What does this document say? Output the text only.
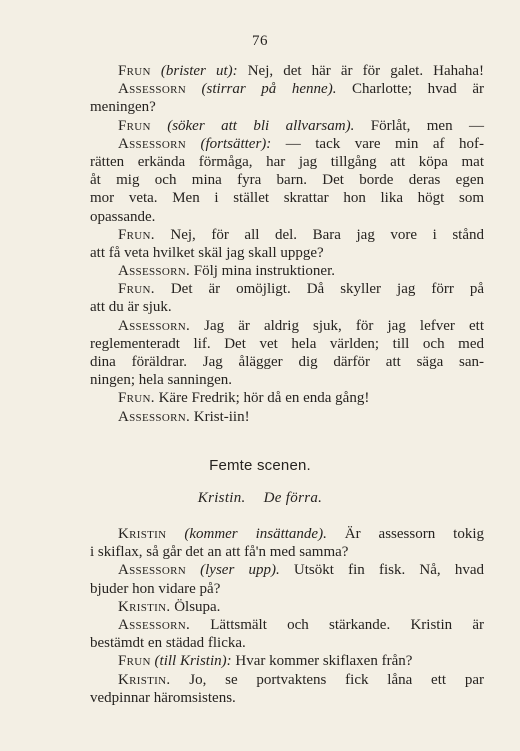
76
Frun (brister ut): Nej, det här är för galet. Hahaha!
Assessorn (stirrar på henne). Charlotte; hvad är
meningen?
Frun (söker att bli allvarsam). Förlåt, men —
Assessorn (fortsätter): — tack vare min af hof-
rätten erkända förmåga, har jag tillgång att köpa mat
åt mig och mina fyra barn. Det borde deras egen
mor veta. Men i stället skrattar hon lika högt som
opassande.
Frun. Nej, för all del. Bara jag vore i stånd
att få veta hvilket skäl jag skall uppge?
Assessorn. Följ mina instruktioner.
Frun. Det är omöjligt. Då skyller jag förr på
att du är sjuk.
Assessorn. Jag är aldrig sjuk, för jag lefver ett
reglementeradt lif. Det vet hela världen; till och med
dina föräldrar. Jag ålägger dig därför att säga san-
ningen; hela sanningen.
Frun. Käre Fredrik; hör då en enda gång!
Assessorn. Krist-iin!
Femte scenen.
Kristin. De förra.
Kristin (kommer insättande). Är assessorn tokig
i skiflax, så går det an att få'n med samma?
Assessorn (lyser upp). Utsökt fin fisk. Nå, hvad
bjuder hon vidare på?
Kristin. Ölsupa.
Assessorn. Lättsmält och stärkande. Kristin är
bestämdt en städad flicka.
Frun (till Kristin): Hvar kommer skiflaxen från?
Kristin. Jo, se portvaktens fick låna ett par
vedpinnar häromsistens.
